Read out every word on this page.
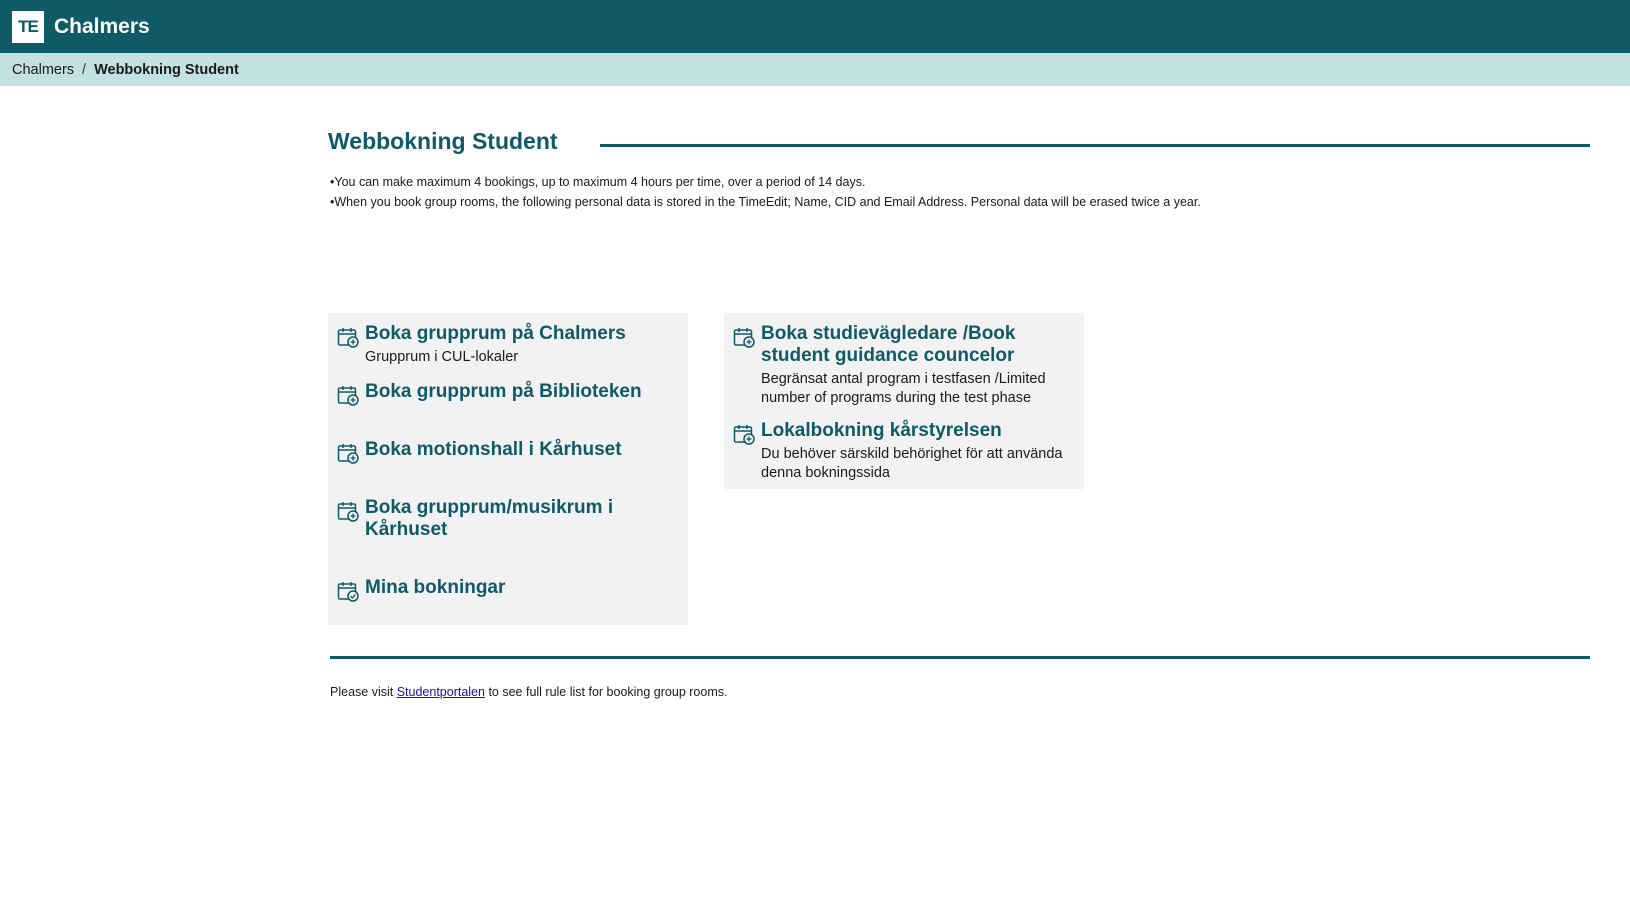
TE Chalmers
Chalmers / Webbokning Student
Webbokning Student
•You can make maximum 4 bookings, up to maximum 4 hours per time, over a period of 14 days.
•When you book group rooms, the following personal data is stored in the TimeEdit; Name, CID and Email Address. Personal data will be erased twice a year.
Boka grupprum på Chalmers
Grupprum i CUL-lokaler
Boka grupprum på Biblioteken
Boka motionshall i Kårhuset
Boka grupprum/musikrum i Kårhuset
Mina bokningar
Boka studievägledare /Book student guidance councelor
Begränsat antal program i testfasen /Limited number of programs during the test phase
Lokalbokning kårstyrelsen
Du behöver särskild behörighet för att använda denna bokningssida
Please visit Studentportalen to see full rule list for booking group rooms.
